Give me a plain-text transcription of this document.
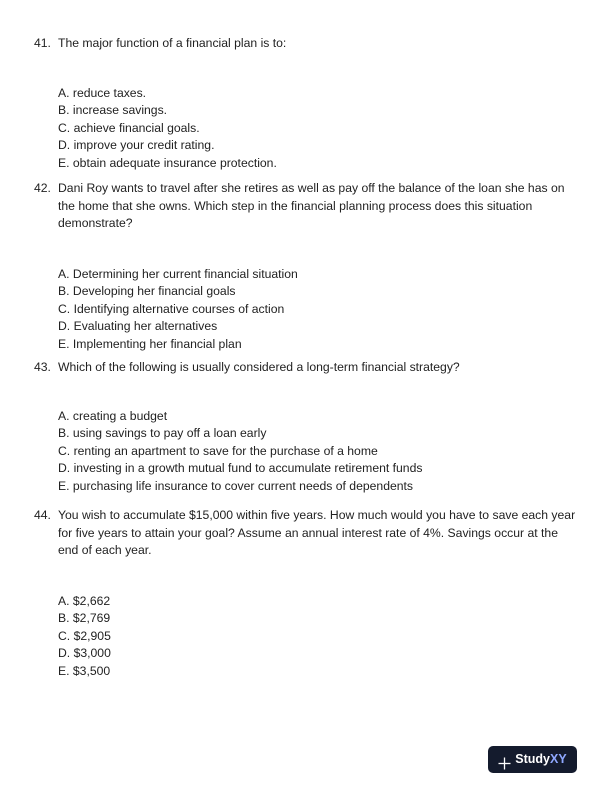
41. The major function of a financial plan is to:
A. reduce taxes.
B. increase savings.
C. achieve financial goals.
D. improve your credit rating.
E. obtain adequate insurance protection.
42. Dani Roy wants to travel after she retires as well as pay off the balance of the loan she has on the home that she owns. Which step in the financial planning process does this situation demonstrate?
A. Determining her current financial situation
B. Developing her financial goals
C. Identifying alternative courses of action
D. Evaluating her alternatives
E. Implementing her financial plan
43. Which of the following is usually considered a long-term financial strategy?
A. creating a budget
B. using savings to pay off a loan early
C. renting an apartment to save for the purchase of a home
D. investing in a growth mutual fund to accumulate retirement funds
E. purchasing life insurance to cover current needs of dependents
44. You wish to accumulate $15,000 within five years. How much would you have to save each year for five years to attain your goal? Assume an annual interest rate of 4%. Savings occur at the end of each year.
A. $2,662
B. $2,769
C. $2,905
D. $3,000
E. $3,500
StudyXY
